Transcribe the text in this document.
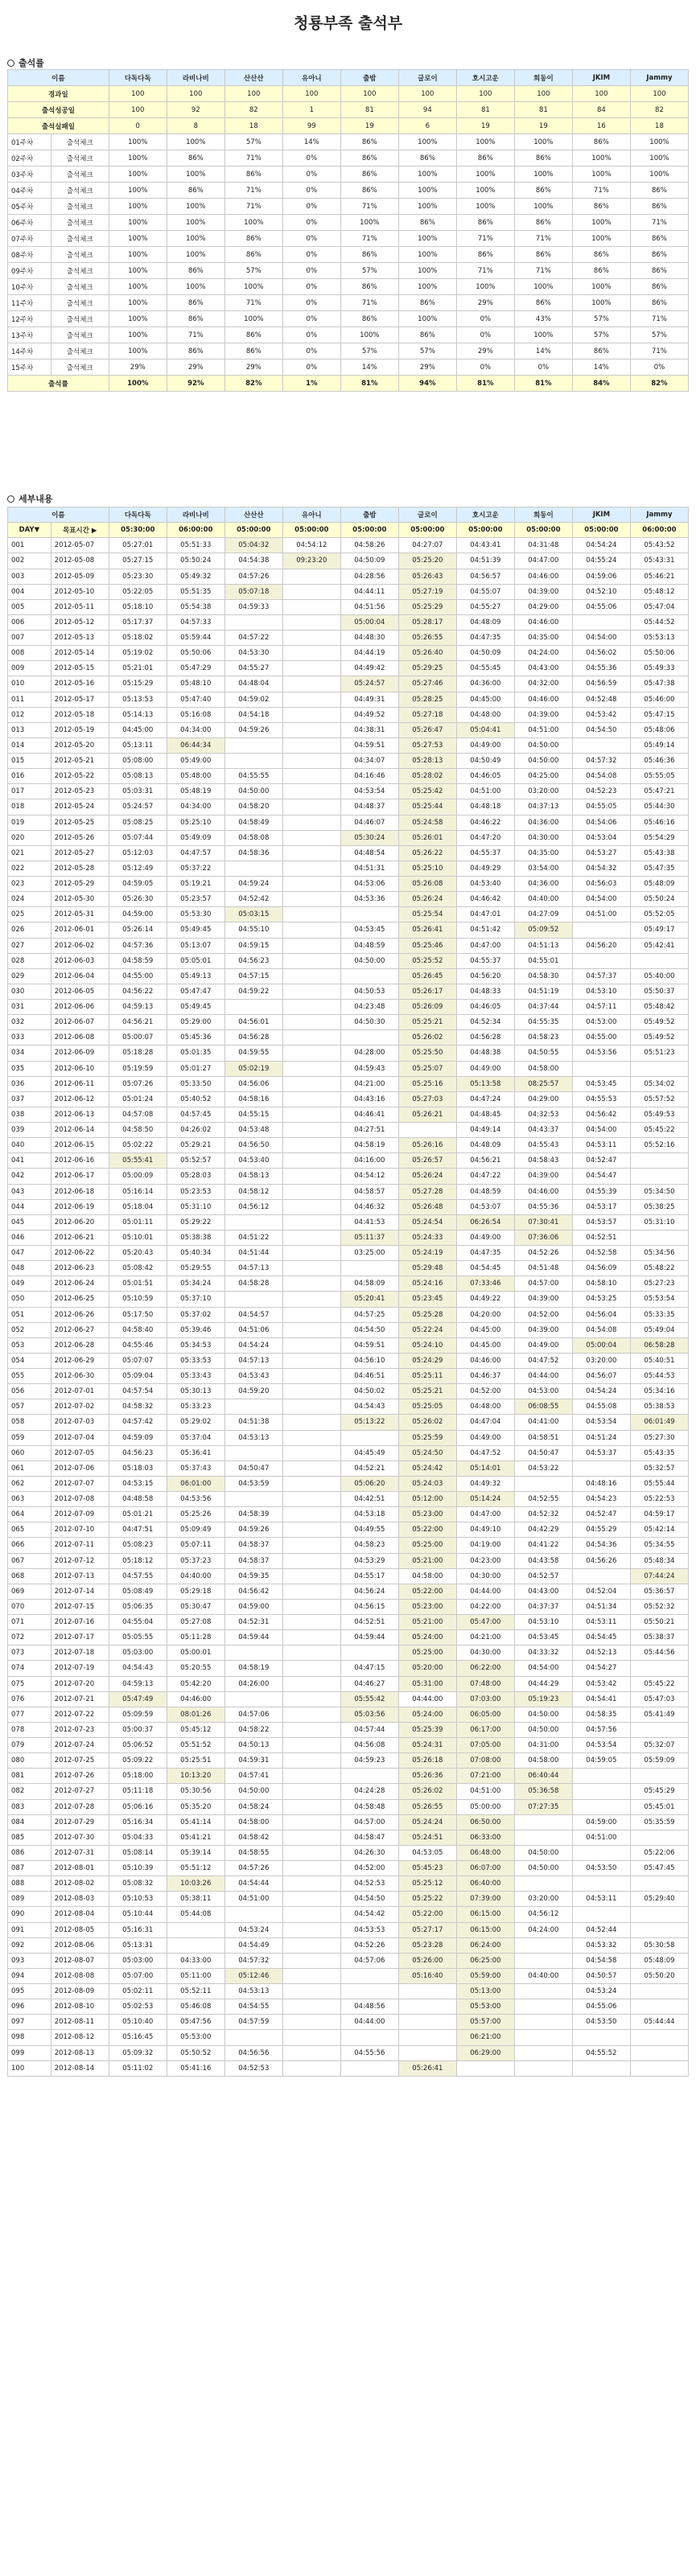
청룡부족 출석부
출석률
이름		다독다독	라비나비	산산산	유아니	출밤	글로이	호시고운	희동이	JKIM	Jammy
경과일		100	100	100	100	100	100	100	100	100	100
출석성공일		100	92	82	1	81	94	81	81	84	82
출석실패일		0	8	18	99	19	6	19	19	16	18
01주차	출석체크	100%	100%	57%	14%	86%	100%	100%	100%	86%	100%
02주차	출석체크	100%	86%	71%	0%	86%	86%	86%	86%	100%	100%
03주차	출석체크	100%	100%	86%	0%	86%	100%	100%	100%	100%	100%
04주차	출석체크	100%	86%	71%	0%	86%	100%	100%	86%	71%	86%
05주차	출석체크	100%	100%	71%	0%	71%	100%	100%	100%	86%	86%
06주차	출석체크	100%	100%	100%	0%	100%	86%	86%	86%	100%	71%
07주차	출석체크	100%	100%	86%	0%	71%	100%	71%	71%	100%	86%
08주차	출석체크	100%	100%	86%	0%	86%	100%	86%	86%	86%	86%
09주차	출석체크	100%	86%	57%	0%	57%	100%	71%	71%	86%	86%
10주차	출석체크	100%	100%	100%	0%	86%	100%	100%	100%	100%	86%
11주차	출석체크	100%	86%	71%	0%	71%	86%	29%	86%	100%	86%
12주차	출석체크	100%	86%	100%	0%	86%	100%	0%	43%	57%	71%
13주차	출석체크	100%	71%	86%	0%	100%	86%	0%	100%	57%	57%
14주차	출석체크	100%	86%	86%	0%	57%	57%	29%	14%	86%	71%
15주차	출석체크	29%	29%	29%	0%	14%	29%	0%	0%	14%	0%
출석률		100%	92%	82%	1%	81%	94%	81%	81%	84%	82%
세부내용
이름		다독다독	라비나비	산산산	유아니	출밤	글로이	호시고운	희동이	JKIM	Jammy
DAY▼	목표시간 ▶	05:30:00	06:00:00	05:00:00	05:00:00	05:00:00	05:00:00	05:00:00	05:00:00	05:00:00	06:00:00
001	2012-05-07	05:27:01	05:51:33	05:04:32	04:54:12	04:58:26	04:27:07	04:43:41	04:31:48	04:54:24	05:43:52
002	2012-05-08	05:27:15	05:50:24	04:54:38	09:23:20	04:50:09	05:25:20	04:51:39	04:47:00	04:55:24	05:43:31
003	2012-05-09	05:23:30	05:49:32	04:57:26		04:28:56	05:26:43	04:56:57	04:46:00	04:59:06	05:46:21
004	2012-05-10	05:22:05	05:51:35	05:07:18		04:44:11	05:27:19	04:55:07	04:39:00	04:52:10	05:48:12
005	2012-05-11	05:18:10	05:54:38	04:59:33		04:51:56	05:25:29	04:55:27	04:29:00	04:55:06	05:47:04
006	2012-05-12	05:17:37	04:57:33			05:00:04	05:28:17	04:48:09	04:46:00		05:44:52
007	2012-05-13	05:18:02	05:59:44	04:57:22		04:48:30	05:26:55	04:47:35	04:35:00	04:54:00	05:53:13
008	2012-05-14	05:19:02	05:50:06	04:53:30		04:44:19	05:26:40	04:50:09	04:24:00	04:56:02	05:50:06
009	2012-05-15	05:21:01	05:47:29	04:55:27		04:49:42	05:29:25	04:55:45	04:43:00	04:55:36	05:49:33
010	2012-05-16	05:15:29	05:48:10	04:48:04		05:24:57	05:27:46	04:36:00	04:32:00	04:56:59	05:47:38
011	2012-05-17	05:13:53	05:47:40	04:59:02		04:49:31	05:28:25	04:45:00	04:46:00	04:52:48	05:46:00
012	2012-05-18	05:14:13	05:16:08	04:54:18		04:49:52	05:27:18	04:48:00	04:39:00	04:53:42	05:47:15
013	2012-05-19	04:45:00	04:34:00	04:59:26		04:38:31	05:26:47	05:04:41	04:51:00	04:54:50	05:48:06
014	2012-05-20	05:13:11	06:44:34			04:59:51	05:27:53	04:49:00	04:50:00		05:49:14
015	2012-05-21	05:08:00	05:49:00			04:34:07	05:28:13	04:50:49	04:50:00	04:57:32	05:46:36
016	2012-05-22	05:08:13	05:48:00	04:55:55		04:16:46	05:28:02	04:46:05	04:25:00	04:54:08	05:55:05
017	2012-05-23	05:03:31	05:48:19	04:50:00		04:53:54	05:25:42	04:51:00	03:20:00	04:52:23	05:47:21
018	2012-05-24	05:24:57	04:34:00	04:58:20		04:48:37	05:25:44	04:48:18	04:37:13	04:55:05	05:44:30
019	2012-05-25	05:08:25	05:25:10	04:58:49		04:46:07	05:24:58	04:46:22	04:36:00	04:54:06	05:46:16
020	2012-05-26	05:07:44	05:49:09	04:58:08		05:30:24	05:26:01	04:47:20	04:30:00	04:53:04	05:54:29
021	2012-05-27	05:12:03	04:47:57	04:58:36		04:48:54	05:26:22	04:55:37	04:35:00	04:53:27	05:43:38
022	2012-05-28	05:12:49	05:37:22			04:51:31	05:25:10	04:49:29	03:54:00	04:54:32	05:47:35
023	2012-05-29	04:59:05	05:19:21	04:59:24		04:53:06	05:26:08	04:53:40	04:36:00	04:56:03	05:48:09
024	2012-05-30	05:26:30	05:23:57	04:52:42		04:53:36	05:26:24	04:46:42	04:40:00	04:54:00	05:50:24
025	2012-05-31	04:59:00	05:53:30	05:03:15			05:25:54	04:47:01	04:27:09	04:51:00	05:52:05
026	2012-06-01	05:26:14	05:49:45	04:55:10		04:53:45	05:26:41	04:51:42	05:09:52		05:49:17
027	2012-06-02	04:57:36	05:13:07	04:59:15		04:48:59	05:25:46	04:47:00	04:51:13	04:56:20	05:42:41
028	2012-06-03	04:58:59	05:05:01	04:56:23		04:50:00	05:25:52	04:55:37	04:55:01		
029	2012-06-04	04:55:00	05:49:13	04:57:15			05:26:45	04:56:20	04:58:30	04:57:37	05:40:00
030	2012-06-05	04:56:22	05:47:47	04:59:22		04:50:53	05:26:17	04:48:33	04:51:19	04:53:10	05:50:37
031	2012-06-06	04:59:13	05:49:45			04:23:48	05:26:09	04:46:05	04:37:44	04:57:11	05:48:42
032	2012-06-07	04:56:21	05:29:00	04:56:01		04:50:30	05:25:21	04:52:34	04:55:35	04:53:00	05:49:52
033	2012-06-08	05:00:07	05:45:36	04:56:28			05:26:02	04:56:28	04:58:23	04:55:00	05:49:52
034	2012-06-09	05:18:28	05:01:35	04:59:55		04:28:00	05:25:50	04:48:38	04:50:55	04:53:56	05:51:23
035	2012-06-10	05:19:59	05:01:27	05:02:19		04:59:43	05:25:07	04:49:00	04:58:00		
036	2012-06-11	05:07:26	05:33:50	04:56:06		04:21:00	05:25:16	05:13:58	08:25:57	04:53:45	05:34:02
037	2012-06-12	05:01:24	05:40:52	04:58:16		04:43:16	05:27:03	04:47:24	04:29:00	04:55:53	05:57:52
038	2012-06-13	04:57:08	04:57:45	04:55:15		04:46:41	05:26:21	04:48:45	04:32:53	04:56:42	05:49:53
039	2012-06-14	04:58:50	04:26:02	04:53:48		04:27:51		04:49:14	04:43:37	04:54:00	05:45:22
040	2012-06-15	05:02:22	05:29:21	04:56:50		04:58:19	05:26:16	04:48:09	04:55:43	04:53:11	05:52:16
041	2012-06-16	05:55:41	05:52:57	04:53:40		04:16:00	05:26:57	04:56:21	04:58:43	04:52:47	
042	2012-06-17	05:00:09	05:28:03	04:58:13		04:54:12	05:26:24	04:47:22	04:39:00	04:54:47	
043	2012-06-18	05:16:14	05:23:53	04:58:12		04:58:57	05:27:28	04:48:59	04:46:00	04:55:39	05:34:50
044	2012-06-19	05:18:04	05:31:10	04:56:12		04:46:32	05:26:48	04:53:07	04:55:36	04:53:17	05:38:25
045	2012-06-20	05:01:11	05:29:22			04:41:53	05:24:54	06:26:54	07:30:41	04:53:57	05:31:10
046	2012-06-21	05:10:01	05:38:38	04:51:22		05:11:37	05:24:33	04:49:00	07:36:06	04:52:51	
047	2012-06-22	05:20:43	05:40:34	04:51:44		03:25:00	05:24:19	04:47:35	04:52:26	04:52:58	05:34:56
048	2012-06-23	05:08:42	05:29:55	04:57:13			05:29:48	04:54:45	04:51:48	04:56:09	05:48:22
049	2012-06-24	05:01:51	05:34:24	04:58:28		04:58:09	05:24:16	07:33:46	04:57:00	04:58:10	05:27:23
050	2012-06-25	05:10:59	05:37:10			05:20:41	05:23:45	04:49:22	04:39:00	04:53:25	05:53:54
051	2012-06-26	05:17:50	05:37:02	04:54:57		04:57:25	05:25:28	04:20:00	04:52:00	04:56:04	05:33:35
052	2012-06-27	04:58:40	05:39:46	04:51:06		04:54:50	05:22:24	04:45:00	04:39:00	04:54:08	05:49:04
053	2012-06-28	04:55:46	05:34:53	04:54:24		04:59:51	05:24:10	04:45:00	04:49:00	05:00:04	06:58:28
054	2012-06-29	05:07:07	05:33:53	04:57:13		04:56:10	05:24:29	04:46:00	04:47:52	03:20:00	05:40:51
055	2012-06-30	05:09:04	05:33:43	04:53:43		04:46:51	05:25:11	04:46:37	04:44:00	04:56:07	05:44:53
056	2012-07-01	04:57:54	05:30:13	04:59:20		04:50:02	05:25:21	04:52:00	04:53:00	04:54:24	05:34:16
057	2012-07-02	04:58:32	05:33:23			04:54:43	05:25:05	04:48:00	06:08:55	04:55:08	05:38:53
058	2012-07-03	04:57:42	05:29:02	04:51:38		05:13:22	05:26:02	04:47:04	04:41:00	04:53:54	06:01:49
059	2012-07-04	04:59:09	05:37:04	04:53:13			05:25:59	04:49:00	04:58:51	04:51:24	05:27:30
060	2012-07-05	04:56:23	05:36:41			04:45:49	05:24:50	04:47:52	04:50:47	04:53:37	05:43:35
061	2012-07-06	05:18:03	05:37:43	04:50:47		04:52:21	05:24:42	05:14:01	04:53:22		05:32:57
062	2012-07-07	04:53:15	06:01:00	04:53:59		05:06:20	05:24:03	04:49:32		04:48:16	05:55:44
063	2012-07-08	04:48:58	04:53:56			04:42:51	05:12:00	05:14:24	04:52:55	04:54:23	05:22:53
064	2012-07-09	05:01:21	05:25:26	04:58:39		04:53:18	05:23:00	04:47:00	04:52:32	04:52:47	04:59:17
065	2012-07-10	04:47:51	05:09:49	04:59:26		04:49:55	05:22:00	04:49:10	04:42:29	04:55:29	05:42:14
066	2012-07-11	05:08:23	05:07:11	04:58:37		04:58:23	05:25:00	04:19:00	04:41:22	04:54:36	05:34:55
067	2012-07-12	05:18:12	05:37:23	04:58:37		04:53:29	05:21:00	04:23:00	04:43:58	04:56:26	05:48:34
068	2012-07-13	04:57:55	04:40:00	04:59:35		04:55:17	04:58:00	04:30:00	04:52:57		07:44:24
069	2012-07-14	05:08:49	05:29:18	04:56:42		04:56:24	05:22:00	04:44:00	04:43:00	04:52:04	05:36:57
070	2012-07-15	05:06:35	05:30:47	04:59:00		04:56:15	05:23:00	04:22:00	04:37:37	04:51:34	05:52:32
071	2012-07-16	04:55:04	05:27:08	04:52:31		04:52:51	05:21:00	05:47:00	04:53:10	04:53:11	05:50:21
072	2012-07-17	05:05:55	05:11:28	04:59:44		04:59:44	05:24:00	04:21:00	04:53:45	04:54:45	05:38:37
073	2012-07-18	05:03:00	05:00:01				05:25:00	04:30:00	04:33:32	04:52:13	05:44:56
074	2012-07-19	04:54:43	05:20:55	04:58:19		04:47:15	05:20:00	06:22:00	04:54:00	04:54:27	
075	2012-07-20	04:59:13	05:42:20	04:26:00		04:46:27	05:31:00	07:48:00	04:44:29	04:53:42	05:45:22
076	2012-07-21	05:47:49	04:46:00			05:55:42	04:44:00	07:03:00	05:19:23	04:54:41	05:47:03
077	2012-07-22	05:09:59	08:01:26	04:57:06		05:03:56	05:24:00	06:05:00	04:50:00	04:58:35	05:41:49
078	2012-07-23	05:00:37	05:45:12	04:58:22		04:57:44	05:25:39	06:17:00	04:50:00	04:57:56	
079	2012-07-24	05:06:52	05:51:52	04:50:13		04:56:08	05:24:31	07:05:00	04:31:00	04:53:54	05:32:07
080	2012-07-25	05:09:22	05:25:51	04:59:31		04:59:23	05:26:18	07:08:00	04:58:00	04:59:05	05:59:09
081	2012-07-26	05:18:00	10:13:20	04:57:41			05:26:36	07:21:00	06:40:44		
082	2012-07-27	05:11:18	05:30:56	04:50:00		04:24:28	05:26:02	04:51:00	05:36:58		05:45:29
083	2012-07-28	05:06:16	05:35:20	04:58:24		04:58:48	05:26:55	05:00:00	07:27:35		05:45:01
084	2012-07-29	05:16:34	05:41:14	04:58:00		04:57:00	05:24:24	06:50:00		04:59:00	05:35:59
085	2012-07-30	05:04:33	05:41:21	04:58:42		04:58:47	05:24:51	06:33:00		04:51:00	
086	2012-07-31	05:08:14	05:39:14	04:58:55		04:26:30	04:53:05	06:48:00	04:50:00		05:22:06
087	2012-08-01	05:10:39	05:51:12	04:57:26		04:52:00	05:45:23	06:07:00	04:50:00	04:53:50	05:47:45
088	2012-08-02	05:08:32	10:03:26	04:54:44		04:52:53	05:25:12	06:40:00			
089	2012-08-03	05:10:53	05:38:11	04:51:00		04:54:50	05:25:22	07:39:00	03:20:00	04:53:11	05:29:40
090	2012-08-04	05:10:44	05:44:08			04:54:42	05:22:00	06:15:00	04:56:12		
091	2012-08-05	05:16:31		04:53:24		04:53:53	05:27:17	06:15:00	04:24:00	04:52:44	
092	2012-08-06	05:13:31		04:54:49		04:52:26	05:23:28	06:24:00		04:53:32	05:30:58
093	2012-08-07	05:03:00	04:33:00	04:57:32		04:57:06	05:26:00	06:25:00		04:54:58	05:48:09
094	2012-08-08	05:07:00	05:11:00	05:12:46			05:16:40	05:59:00	04:40:00	04:50:57	05:50:20
095	2012-08-09	05:02:11	05:52:11	04:53:13				05:13:00		04:53:24	
096	2012-08-10	05:02:53	05:46:08	04:54:55		04:48:56		05:53:00		04:55:06	
097	2012-08-11	05:10:40	05:47:56	04:57:59		04:44:00		05:57:00		04:53:50	05:44:44
098	2012-08-12	05:16:45	05:53:00					06:21:00			
099	2012-08-13	05:09:32	05:50:52	04:56:56		04:55:56		06:29:00		04:55:52	
100	2012-08-14	05:11:02	05:41:16	04:52:53			05:26:41				
